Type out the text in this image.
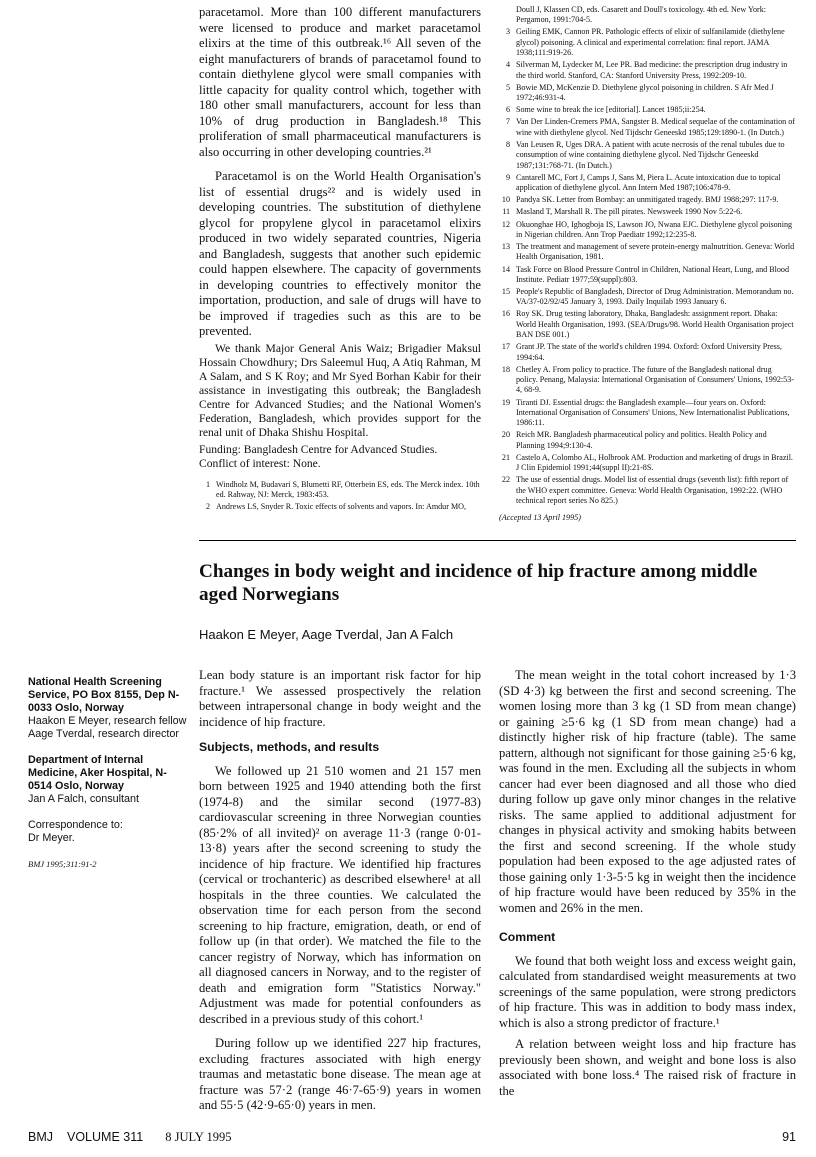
paracetamol. More than 100 different manufacturers were licensed to produce and market paracetamol elixirs at the time of this outbreak.¹⁶ All seven of the eight manufacturers of brands of paracetamol found to contain diethylene glycol were small companies with little capacity for quality control which, together with 180 other small manufacturers, account for less than 10% of drug production in Bangladesh.¹⁸ This proliferation of small pharmaceutical manufacturers is also occurring in other developing countries.²¹

Paracetamol is on the World Health Organisation's list of essential drugs²² and is widely used in developing countries. The substitution of diethylene glycol for propylene glycol in paracetamol elixirs produced in two widely separated countries, Nigeria and Bangladesh, suggests that another such epidemic could happen elsewhere. The capacity of governments in developing countries to effectively monitor the importation, production, and sale of drugs will have to be improved if tragedies such as this are to be prevented.

We thank Major General Anis Waiz; Brigadier Maksul Hossain Chowdhury; Drs Saleemul Huq, A Atiq Rahman, M A Salam, and S K Roy; and Mr Syed Borhan Kabir for their assistance in investigating this outbreak; the Bangladesh Centre for Advanced Studies; and the National Women's Federation, Bangladesh, which provides support for the renal unit of Dhaka Shishu Hospital.

Funding: Bangladesh Centre for Advanced Studies.

Conflict of interest: None.

1 Windholz M, Budavari S, Blumetti RF, Otterbein ES, eds. The Merck index. 10th ed. Rahway, NJ: Merck, 1983:453.
2 Andrews LS, Snyder R. Toxic effects of solvents and vapors. In: Amdur MO,
Doull J, Klassen CD, eds. Casarett and Doull's toxicology. 4th ed. New York: Pergamon, 1991:704-5.
3 Geiling EMK, Cannon PR. Pathologic effects of elixir of sulfanilamide (diethylene glycol) poisoning. A clinical and experimental correlation: final report. JAMA 1938;111:919-26.
4 Silverman M, Lydecker M, Lee PR. Bad medicine: the prescription drug industry in the third world. Stanford, CA: Stanford University Press, 1992:209-10.
5 Bowie MD, McKenzie D. Diethylene glycol poisoning in children. S Afr Med J 1972;46:931-4.
6 Some wine to break the ice [editorial]. Lancet 1985;ii:254.
7 Van Der Linden-Cremers PMA, Sangster B. Medical sequelae of the contamination of wine with diethylene glycol. Ned Tijdschr Geneeskd 1985;129:1890-1. (In Dutch.)
8 Van Leusen R, Uges DRA. A patient with acute necrosis of the renal tubules due to consumption of wine containing diethylene glycol. Ned Tijdschr Geneeskd 1987;131:768-71. (In Dutch.)
9 Cantarell MC, Fort J, Camps J, Sans M, Piera L. Acute intoxication due to topical application of diethylene glycol. Ann Intern Med 1987;106:478-9.
10 Pandya SK. Letter from Bombay: an unmitigated tragedy. BMJ 1988;297: 117-9.
11 Masland T, Marshall R. The pill pirates. Newsweek 1990 Nov 5:22-6.
12 Okuonghae HO, Ighogboja IS, Lawson JO, Nwana EJC. Diethylene glycol poisoning in Nigerian children. Ann Trop Paediatr 1992;12:235-8.
13 The treatment and management of severe protein-energy malnutrition. Geneva: World Health Organisation, 1981.
14 Task Force on Blood Pressure Control in Children, National Heart, Lung, and Blood Institute. Pediatr 1977;59(suppl):803.
15 People's Republic of Bangladesh, Director of Drug Administration. Memorandum no. VA/37-02/92/45 January 3, 1993. Daily Inquilab 1993 January 6.
16 Roy SK. Drug testing laboratory, Dhaka, Bangladesh: assignment report. Dhaka: World Health Organisation, 1993. (SEA/Drugs/98. World Health Organisation project BAN DSE 001.)
17 Grant JP. The state of the world's children 1994. Oxford: Oxford University Press, 1994:64.
18 Chetley A. From policy to practice. The future of the Bangladesh national drug policy. Penang, Malaysia: International Organisation of Consumers' Unions, 1992:53-4, 68-9.
19 Tiranti DJ. Essential drugs: the Bangladesh example—four years on. Oxford: International Organisation of Consumers' Unions, New Internationalist Publications, 1986:11.
20 Reich MR. Bangladesh pharmaceutical policy and politics. Health Policy and Planning 1994;9:130-4.
21 Castelo A, Colombo AL, Holbrook AM. Production and marketing of drugs in Brazil. J Clin Epidemiol 1991;44(suppl II):21-8S.
22 The use of essential drugs. Model list of essential drugs (seventh list): fifth report of the WHO expert committee. Geneva: World Health Organisation, 1992:22. (WHO technical report series No 825.)
(Accepted 13 April 1995)
Changes in body weight and incidence of hip fracture among middle aged Norwegians
Haakon E Meyer, Aage Tverdal, Jan A Falch
National Health Screening Service, PO Box 8155, Dep N-0033 Oslo, Norway
Haakon E Meyer, research fellow
Aage Tverdal, research director
Department of Internal Medicine, Aker Hospital, N-0514 Oslo, Norway
Jan A Falch, consultant
Correspondence to:
Dr Meyer.
BMJ 1995;311:91-2

Lean body stature is an important risk factor for hip fracture.¹ We assessed prospectively the relation between intrapersonal change in body weight and the incidence of hip fracture.

Subjects, methods, and results

We followed up 21 510 women and 21 157 men born between 1925 and 1940 attending both the first (1974-8) and the similar second (1977-83) cardiovascular screening in three Norwegian counties (85·2% of all invited)² on average 11·3 (range 0·01-13·8) years after the second screening to study the incidence of hip fracture. We identified hip fractures (cervical or trochanteric) as described elsewhere¹ at all hospitals in the three counties. We calculated the observation time for each person from the second screening to hip fracture, emigration, death, or end of follow up (in that order). We matched the file to the cancer registry of Norway, which has information on all diagnosed cancers in Norway, and to the register of death and emigration form "Statistics Norway." Adjustment was made for potential confounders as described in a previous study of this cohort.¹

During follow up we identified 227 hip fractures, excluding fractures associated with high energy traumas and metastatic bone disease. The mean age at fracture was 57·2 (range 46·7-65·9) years in women and 55·5 (42·9-65·0) years in men.

The mean weight in the total cohort increased by 1·3 (SD 4·3) kg between the first and second screening. The women losing more than 3 kg (1 SD from mean change) or gaining ≥5·6 kg (1 SD from mean change) had a distinctly higher risk of hip fracture (table). The same pattern, although not significant for those gaining ≥5·6 kg, was found in the men. Excluding all the subjects in whom cancer had ever been diagnosed and all those who died during follow up gave only minor changes in the relative risks. The same applied to additional adjustment for changes in physical activity and smoking habits between the first and second screening. If the whole study population had been exposed to the age adjusted rates of those gaining only 1·3-5·5 kg in weight then the incidence of hip fracture would have been reduced by 35% in the women and 26% in the men.

Comment

We found that both weight loss and excess weight gain, calculated from standardised weight measurements at two screenings of the same population, were strong predictors of hip fracture. This was in addition to body mass index, which is also a strong predictor of fracture.¹

A relation between weight loss and hip fracture has previously been shown, and weight and bone loss is also associated with bone loss.⁴ The raised risk of fracture in the

BMJ VOLUME 311 8 JULY 1995	91
